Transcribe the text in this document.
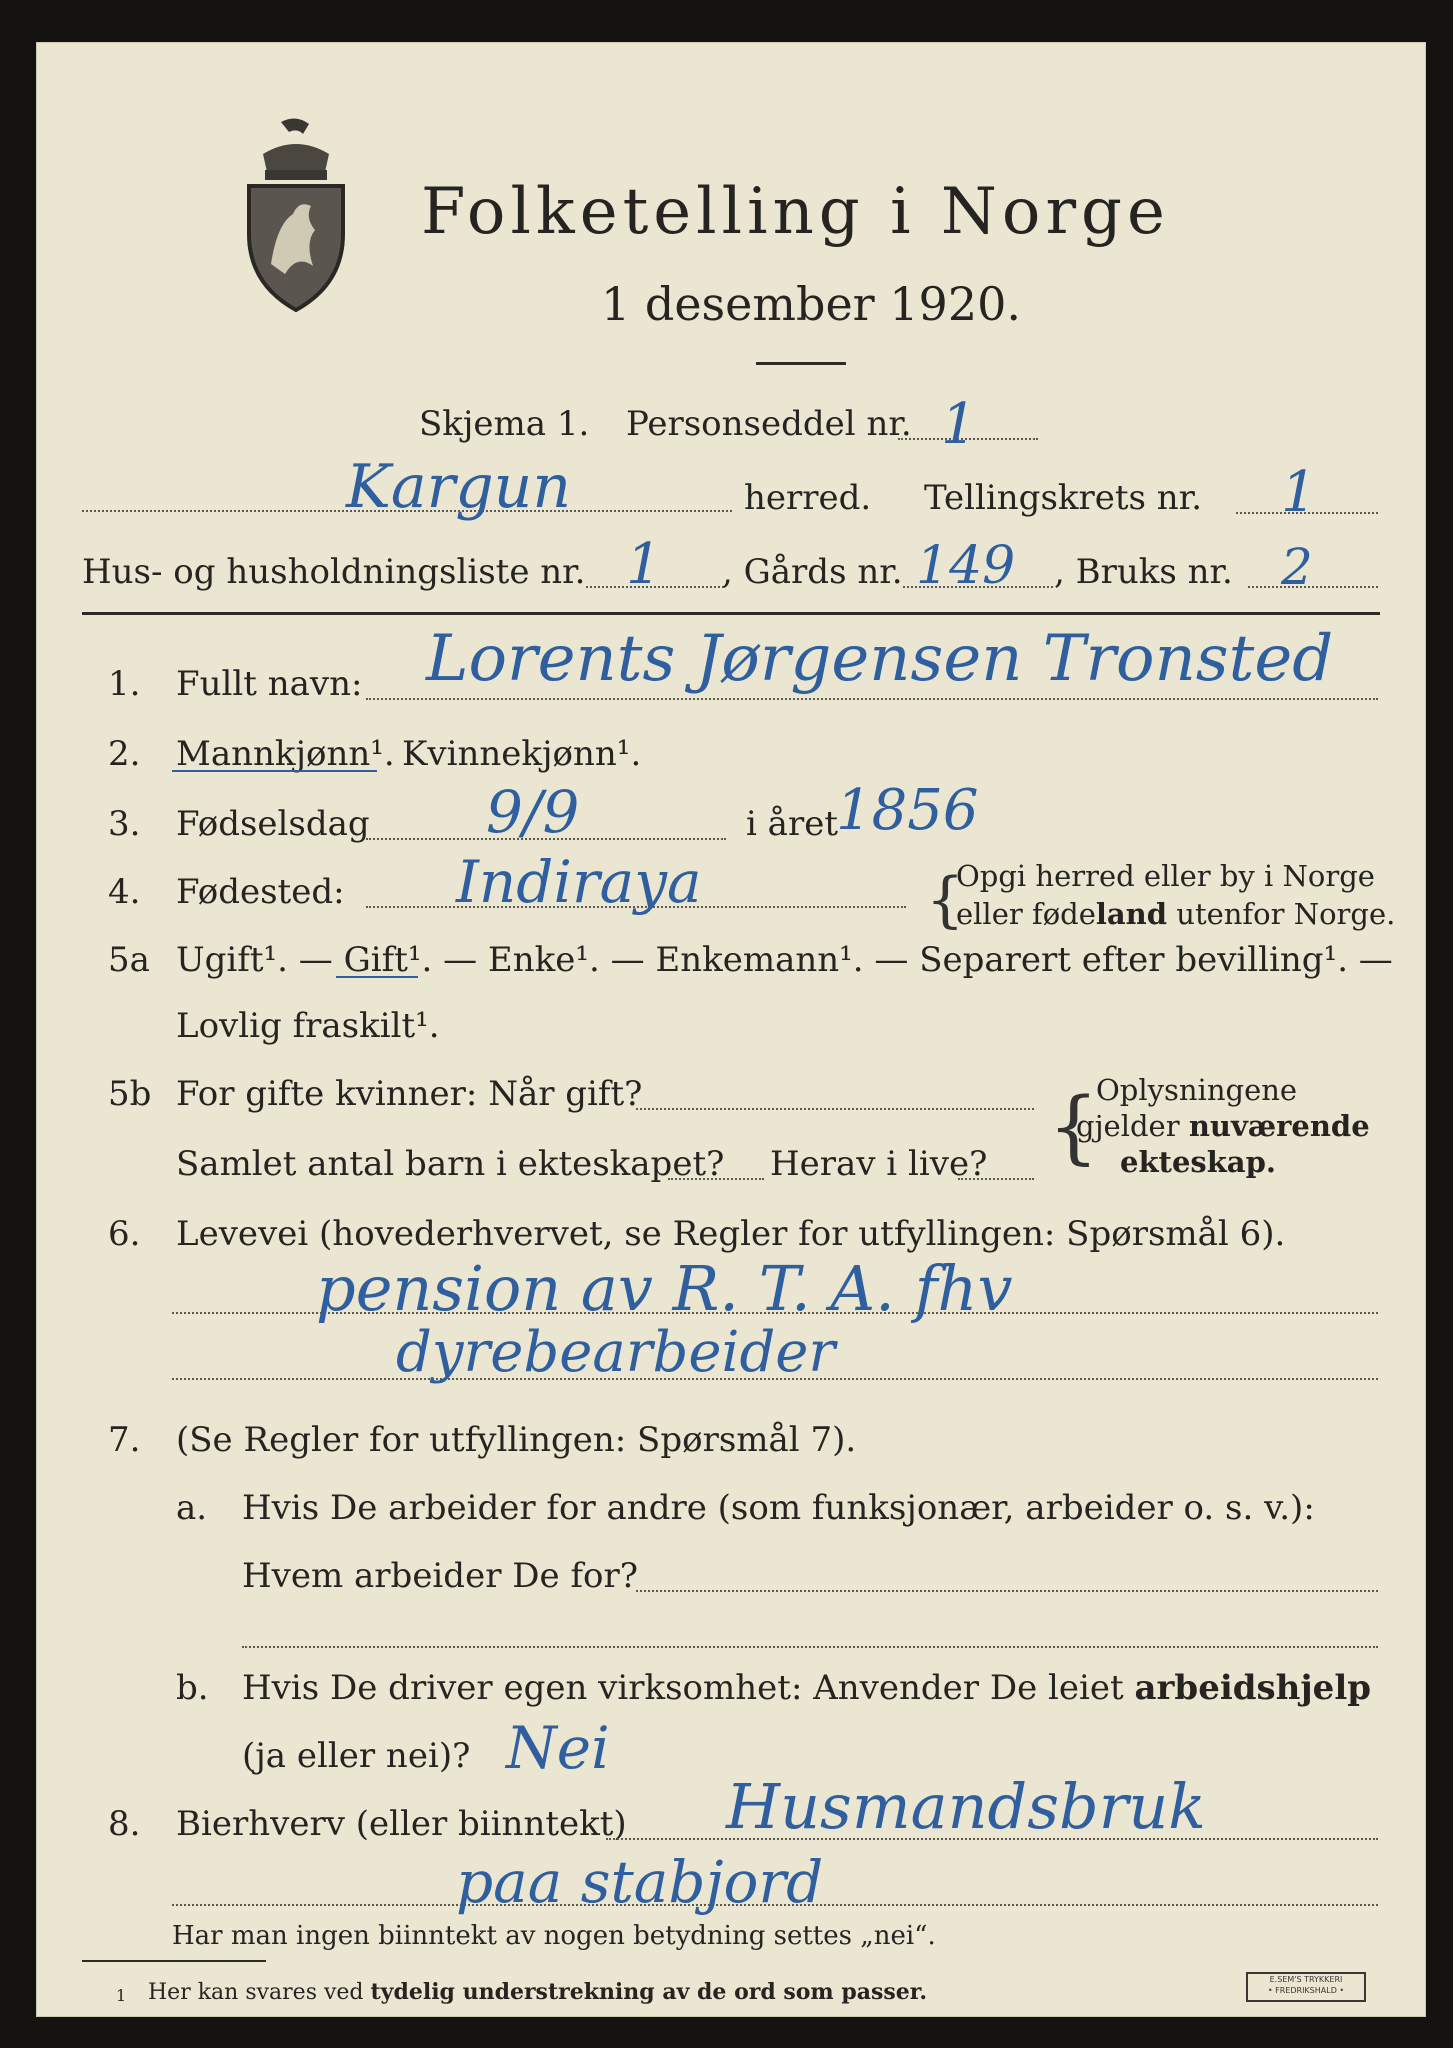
Folketelling i Norge
1 desember 1920.
Skjema 1. Personseddel nr. 1
Kargun	herred. Tellingskrets nr. 1
Hus- og husholdningsliste nr. 1 , Gårds nr. 149 , Bruks nr. 2
1. Fullt navn: Lorents Jørgensen Tronsted
2. Mannkjønn¹. Kvinnekjønn¹.
3. Fødselsdag 9/9	i året
1856
4. Fødested: Indiraya	{
Opgi herred eller by i Norge
eller fødeland utenfor Norge.
5a Ugift¹. — Gift¹. — Enke¹. — Enkemann¹. — Separert efter bevilling¹. —
Lovlig fraskilt¹.
5b For gifte kvinner: Når gift?
Samlet antal barn i ekteskapet? Herav i live? {
Oplysningene
gjelder nuværende
ekteskap.
6. Levevei (hovederhvervet, se Regler for utfyllingen: Spørsmål 6).
pension av R. T. A. fhv
dyrebearbeider
7. (Se Regler for utfyllingen: Spørsmål 7).
a. Hvis De arbeider for andre (som funksjonær, arbeider o. s. v.):
Hvem arbeider De for?
b. Hvis De driver egen virksomhet: Anvender De leiet arbeidshjelp
(ja eller nei)? Nei
8. Bierhverv (eller biinntekt) Husmandsbruk
paa stabjord
Har man ingen biinntekt av nogen betydning settes „nei“.
1 Her kan svares ved tydelig understrekning av de ord som passer.	E.SEM'S TRYKKERI
• FREDRIKSHALD •
